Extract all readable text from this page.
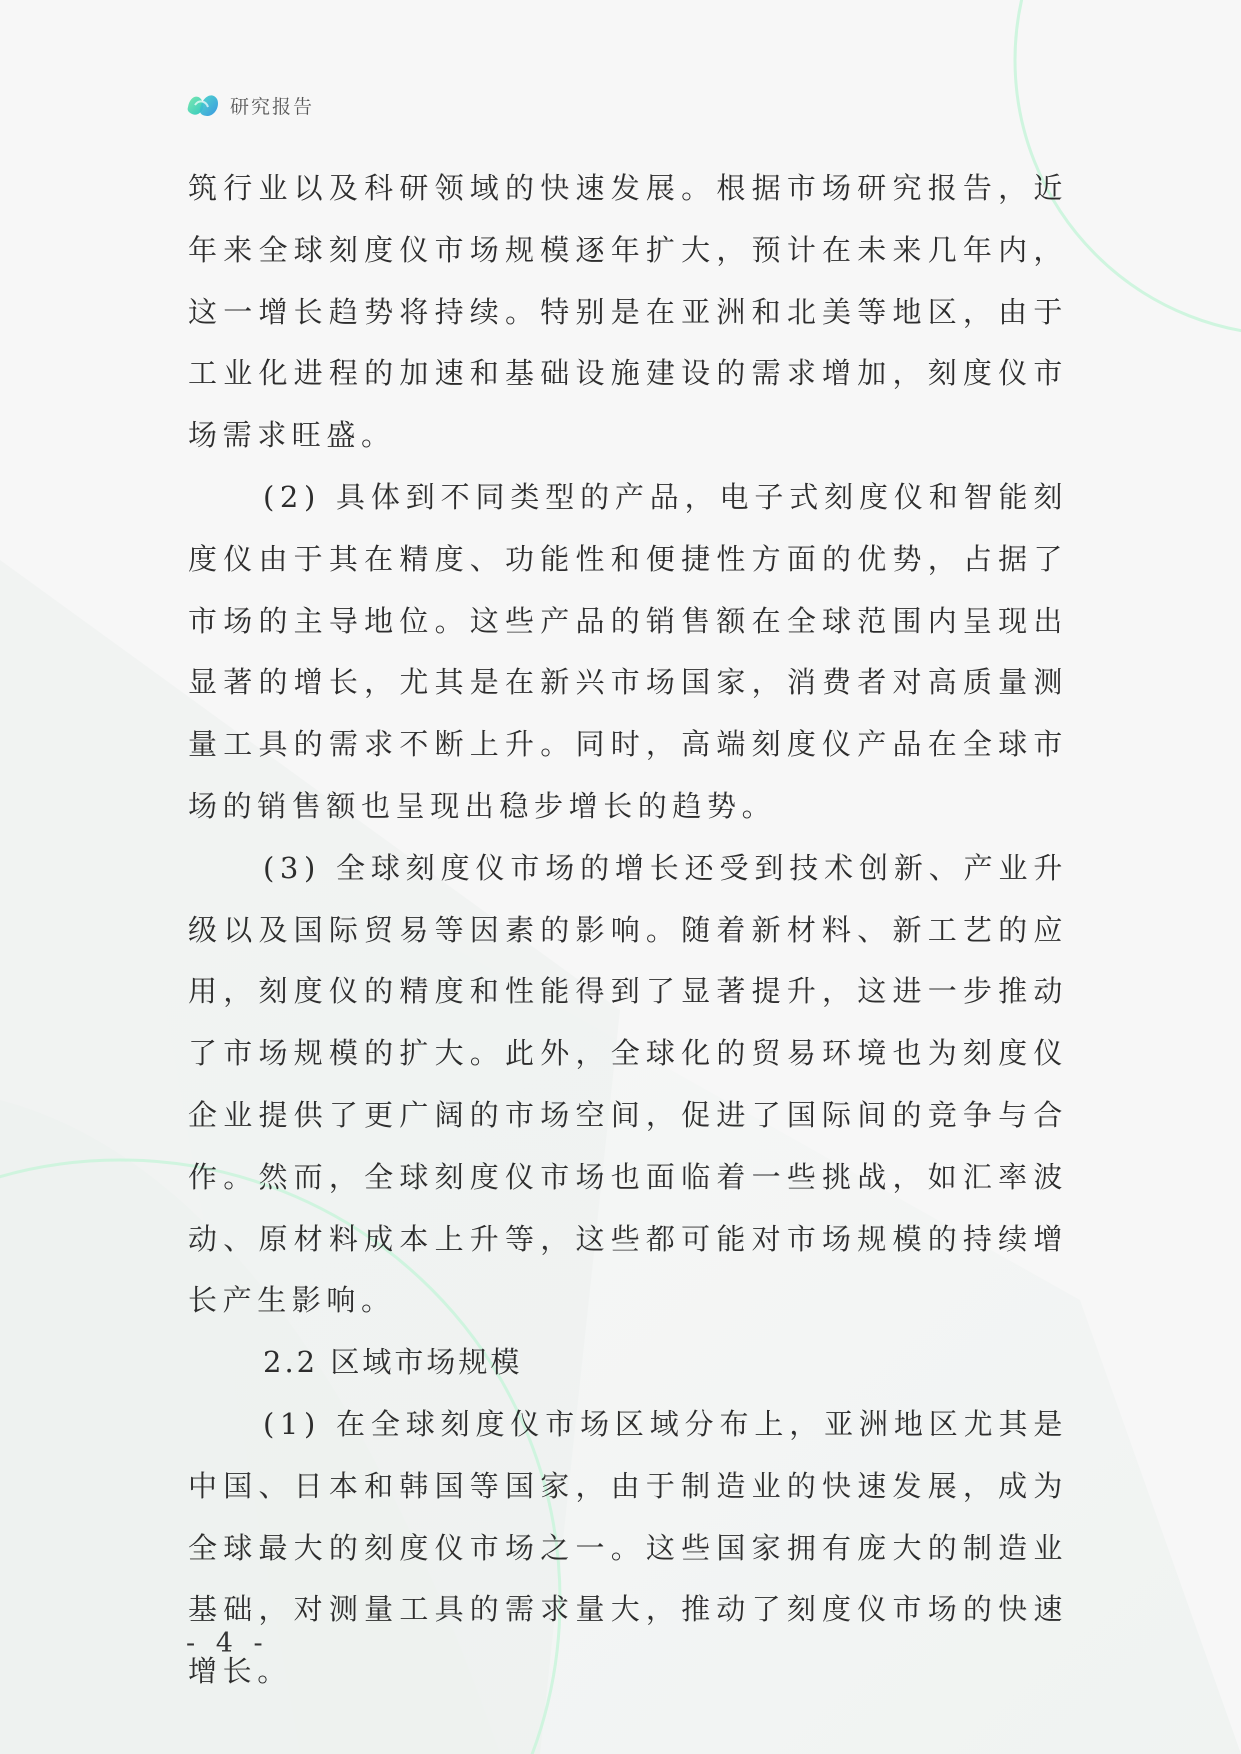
研究报告

筑行业以及科研领域的快速发展。根据市场研究报告，近年来全球刻度仪市场规模逐年扩大，预计在未来几年内，这一增长趋势将持续。特别是在亚洲和北美等地区，由于工业化进程的加速和基础设施建设的需求增加，刻度仪市场需求旺盛。

(2) 具体到不同类型的产品，电子式刻度仪和智能刻度仪由于其在精度、功能性和便捷性方面的优势，占据了市场的主导地位。这些产品的销售额在全球范围内呈现出显著的增长，尤其是在新兴市场国家，消费者对高质量测量工具的需求不断上升。同时，高端刻度仪产品在全球市场的销售额也呈现出稳步增长的趋势。

(3) 全球刻度仪市场的增长还受到技术创新、产业升级以及国际贸易等因素的影响。随着新材料、新工艺的应用，刻度仪的精度和性能得到了显著提升，这进一步推动了市场规模的扩大。此外，全球化的贸易环境也为刻度仪企业提供了更广阔的市场空间，促进了国际间的竞争与合作。然而，全球刻度仪市场也面临着一些挑战，如汇率波动、原材料成本上升等，这些都可能对市场规模的持续增长产生影响。

2.2 区域市场规模

(1) 在全球刻度仪市场区域分布上，亚洲地区尤其是中国、日本和韩国等国家，由于制造业的快速发展，成为全球最大的刻度仪市场之一。这些国家拥有庞大的制造业基础，对测量工具的需求量大，推动了刻度仪市场的快速增长。

- 4 -
